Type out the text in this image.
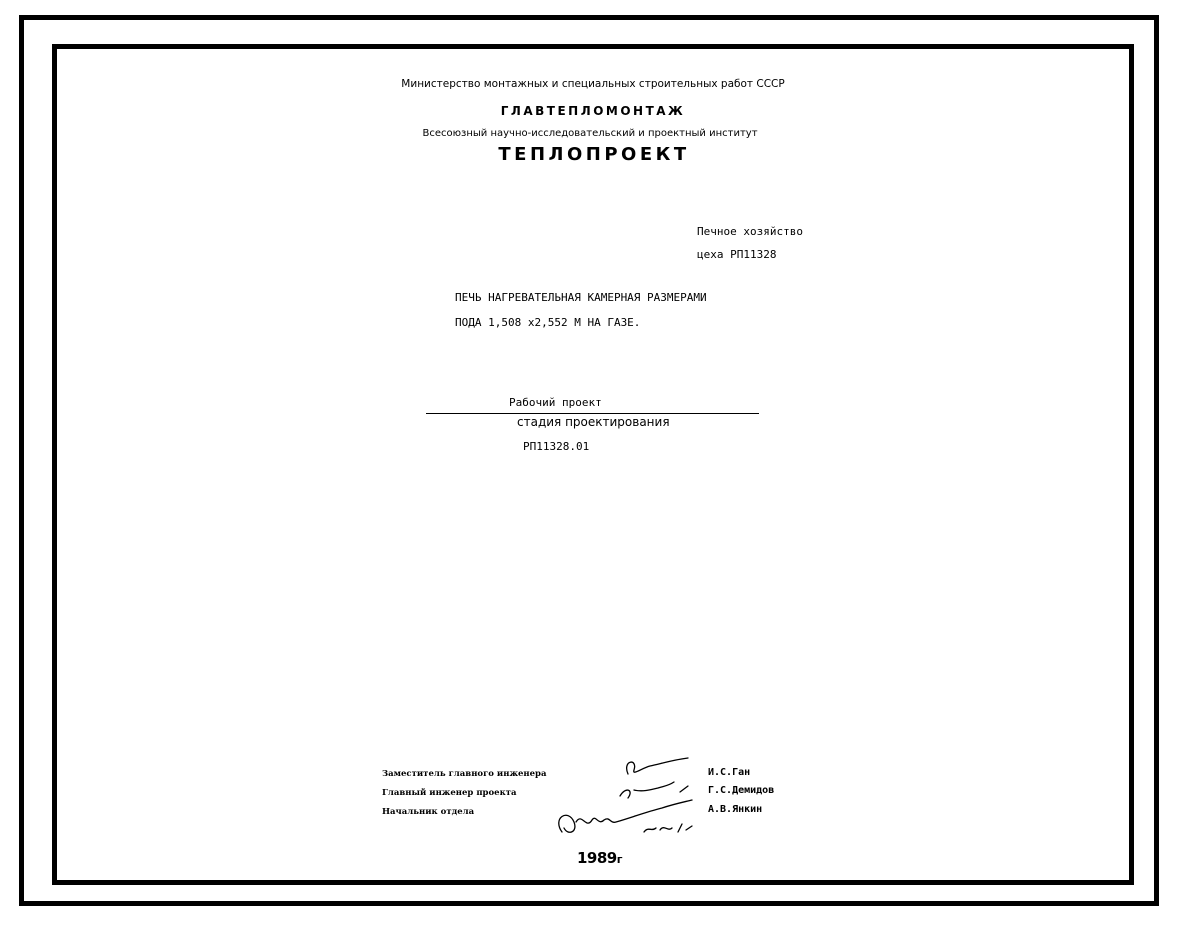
Министерство монтажных и специальных строительных работ СССР
ГЛАВТЕПЛОМОНТАЖ
Всесоюзный научно-исследовательский и проектный институт
ТЕПЛОПРОЕКТ
Печное хозяйство
цеха РП11328
ПЕЧЬ НАГРЕВАТЕЛЬНАЯ КАМЕРНАЯ РАЗМЕРАМИ
ПОДА 1,508 х2,552 М НА ГАЗЕ.
Рабочий проект
стадия проектирования
РП11328.01
Заместитель главного инженера
Главный инженер проекта
Начальник отдела
И.С.Ган
Г.С.Демидов
А.В.Янкин
1989г
